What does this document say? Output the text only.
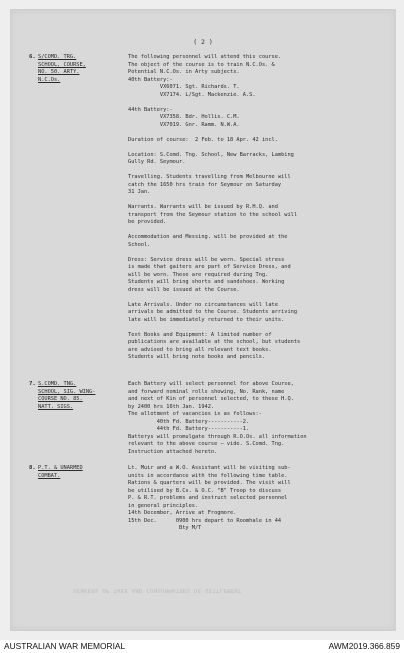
( 2 )
6. S/COMD. TRG.
SCHOOL, COURSE,
NO. 50. ARTY.
N.C.Os.
The following personnel will attend this course.
The object of the course is to train N.C.Os. &
Potential N.C.Os. in Arty subjects.
40th Battery:-
VX6071. Sgt. Richards. T.
VX7174. L/Sgt. Mackenzie. A.S.
44th Battery:-
VX7358. Bdr. Hollis. C.M.
VX7019. Gnr. Ramm. N.W.A.
Duration of course:  2 Feb. to 18 Apr. 42 incl.
Location: S.Comd. Tng. School, New Barracks, Lambing
Gully Rd. Seymour.
Travelling. Students travelling from Melbourne will
catch the 1650 hrs train for Seymour on Saturday
31 Jan.
Warrants. Warrants will be issued by R.H.Q. and
transport from the Seymour station to the school will
be provided.
Accommodation and Messing. will be provided at the
School.
Dress: Service dress will be worn. Special stress
is made that gaiters are part of Service Dress, and
will be worn. These are required during Tng.
Students will bring shorts and sandshoes. Working
dress will be issued at the Course.
Late Arrivals. Under no circumstances will late
arrivals be admitted to the Course. Students arriving
late will be immediately returned to their units.
Text Books and Equipment: A limited number of
publications are available at the school, but students
are advised to bring all relevant text books.
Students will bring note books and pencils.
7. S.COMD. TNG.
SCHOOL, SIG. WING-
COURSE NO. 85.
NATT. SIGS.
Each Battery will select personnel for above Course,
and forward nominal rolls showing, No. Rank, name
and next of Kin of personnel selected, to these H.Q.
by 2400 hrs 16th Jan. 1942.
The allotment of vacancies is as follows:-
40th Fd. Battery-----------2.
44th Fd. Battery-----------1.
Batterys will promulgate through R.O.Os. all information
relevant to the above course — vide. S.Comd. Tng.
Instruction attached hereto.
8. P.T. & UNARMED
COMBAT.
Lt. Muir and a W.O. Assistant will be visiting sub-
units in accordance with the following time table.
Rations & quarters will be provided. The visit will
be utilised by B.Cs. & O.C. "B" Troop to discuss
P. & R.T. problems and instruct selected personnel
in general principles.
14th December, Arrive at Frogmore.
15th Dec.      0900 hrs depart to Roomhale in 44
Bty M/T
VENEERS OF TAKE AND CONSOMMATORS DE SETTLEMENT
AUSTRALIAN WAR MEMORIAL	AWM2019.366.859
